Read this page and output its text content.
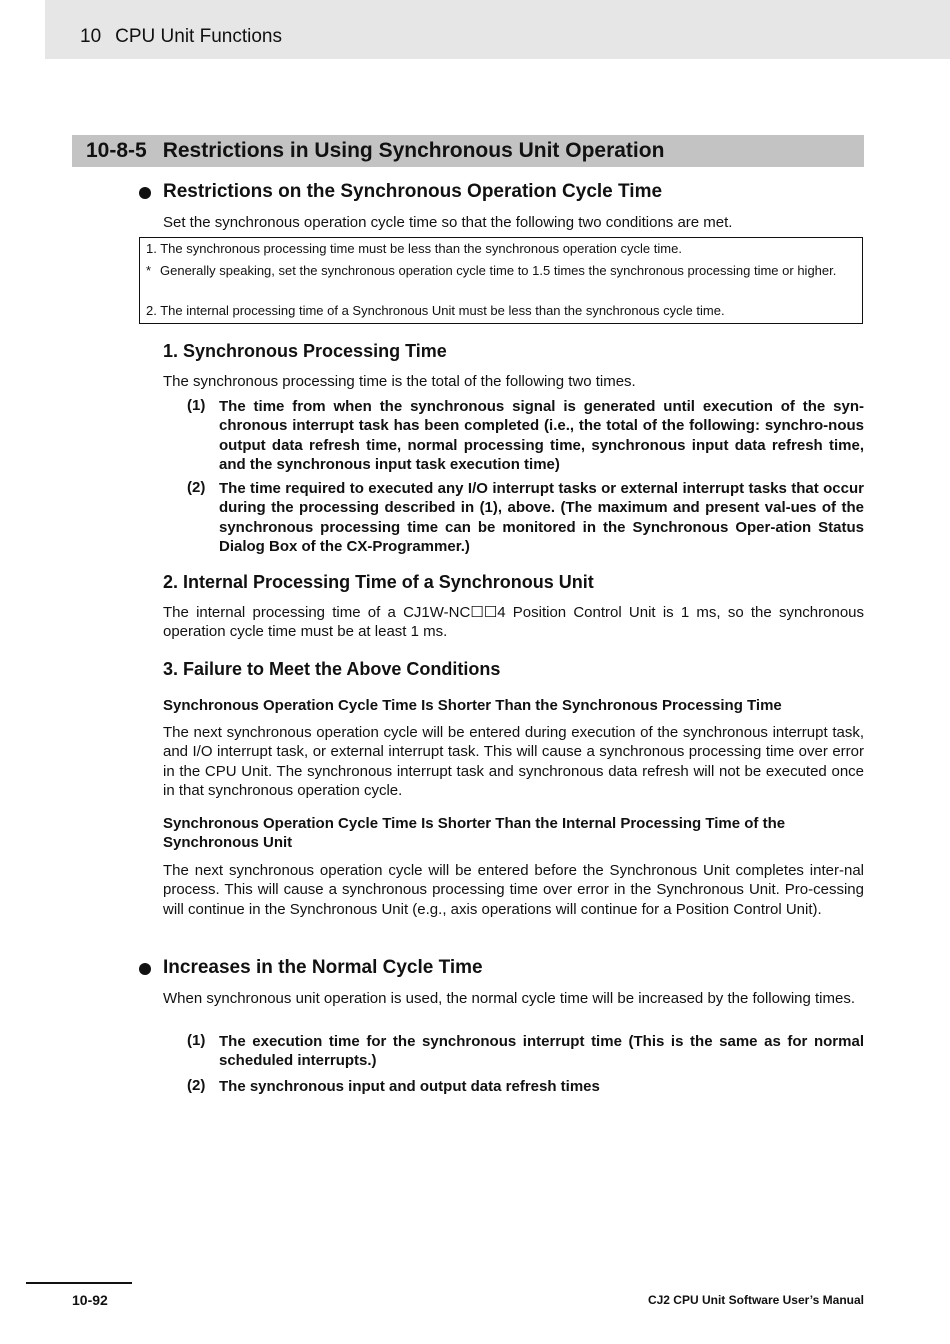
10 CPU Unit Functions
10-8-5 Restrictions in Using Synchronous Unit Operation
Restrictions on the Synchronous Operation Cycle Time
Set the synchronous operation cycle time so that the following two conditions are met.
1. The synchronous processing time must be less than the synchronous operation cycle time.
* Generally speaking, set the synchronous operation cycle time to 1.5 times the synchronous processing time or higher.
2. The internal processing time of a Synchronous Unit must be less than the synchronous cycle time.
1. Synchronous Processing Time
The synchronous processing time is the total of the following two times.
(1) The time from when the synchronous signal is generated until execution of the syn-chronous interrupt task has been completed (i.e., the total of the following: synchro-nous output data refresh time, normal processing time, synchronous input data refresh time, and the synchronous input task execution time)
(2) The time required to executed any I/O interrupt tasks or external interrupt tasks that occur during the processing described in (1), above. (The maximum and present val-ues of the synchronous processing time can be monitored in the Synchronous Oper-ation Status Dialog Box of the CX-Programmer.)
2. Internal Processing Time of a Synchronous Unit
The internal processing time of a CJ1W-NC☐☐4 Position Control Unit is 1 ms, so the synchronous operation cycle time must be at least 1 ms.
3. Failure to Meet the Above Conditions
Synchronous Operation Cycle Time Is Shorter Than the Synchronous Processing Time
The next synchronous operation cycle will be entered during execution of the synchronous interrupt task, and I/O interrupt task, or external interrupt task. This will cause a synchronous processing time over error in the CPU Unit. The synchronous interrupt task and synchronous data refresh will not be executed once in that synchronous operation cycle.
Synchronous Operation Cycle Time Is Shorter Than the Internal Processing Time of the Synchronous Unit
The next synchronous operation cycle will be entered before the Synchronous Unit completes inter-nal process. This will cause a synchronous processing time over error in the Synchronous Unit. Pro-cessing will continue in the Synchronous Unit (e.g., axis operations will continue for a Position Control Unit).
Increases in the Normal Cycle Time
When synchronous unit operation is used, the normal cycle time will be increased by the following times.
(1) The execution time for the synchronous interrupt time (This is the same as for normal scheduled interrupts.)
(2) The synchronous input and output data refresh times
10-92	CJ2 CPU Unit Software User’s Manual
